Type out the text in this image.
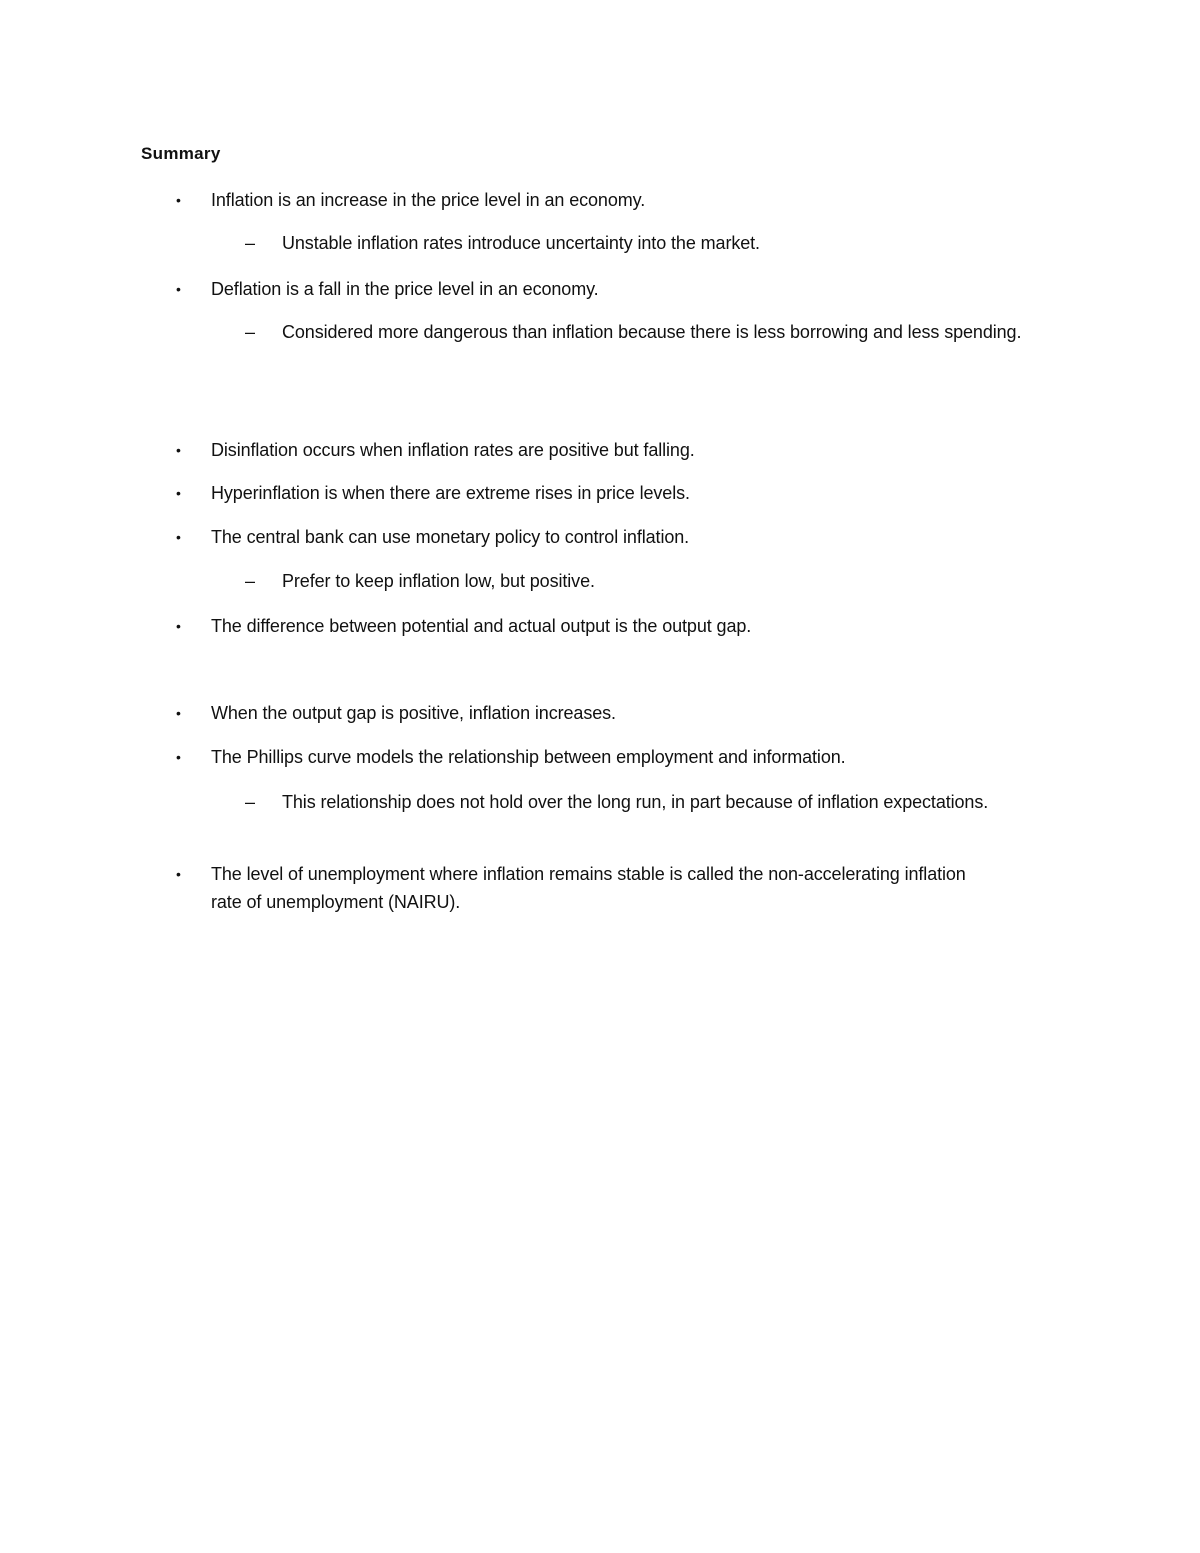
Summary
• Inflation is an increase in the price level in an economy.
– Unstable inflation rates introduce uncertainty into the market.
• Deflation is a fall in the price level in an economy.
– Considered more dangerous than inflation because there is less borrowing and less spending.
• Disinflation occurs when inflation rates are positive but falling.
• Hyperinflation is when there are extreme rises in price levels.
• The central bank can use monetary policy to control inflation.
– Prefer to keep inflation low, but positive.
• The difference between potential and actual output is the output gap.
• When the output gap is positive, inflation increases.
• The Phillips curve models the relationship between employment and information.
– This relationship does not hold over the long run, in part because of inflation expectations.
• The level of unemployment where inflation remains stable is called the non-accelerating inflation rate of unemployment (NAIRU).
